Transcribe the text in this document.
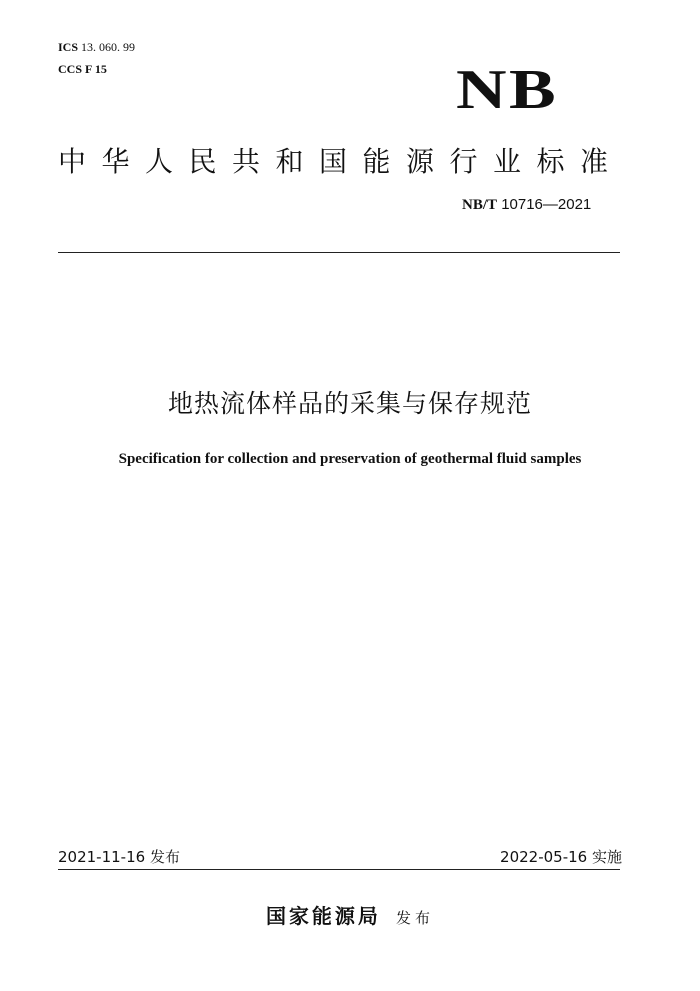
ICS 13. 060. 99
CCS F 15	NB
中华人民共和国能源行业标准
NB/T 10716—2021
地热流体样品的采集与保存规范
Specification for collection and preservation of geothermal fluid samples
2021-11-16 发布	2022-05-16 实施
国家能源局 发布
